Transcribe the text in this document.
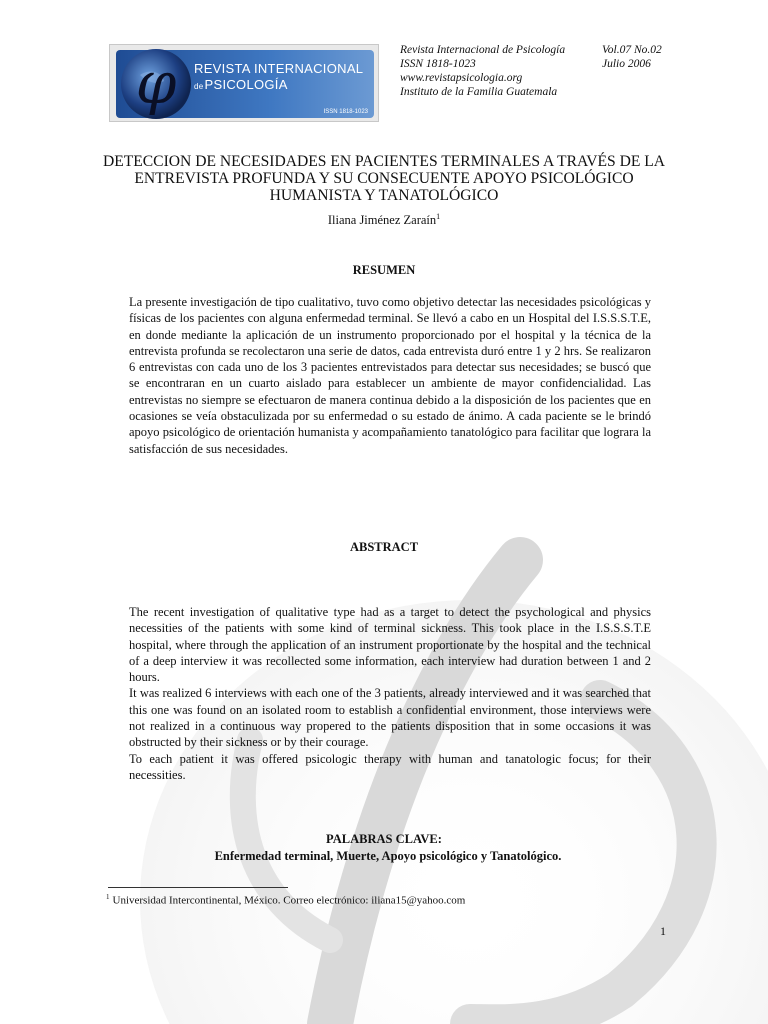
φ REVISTA INTERNACIONAL
dePSICOLOGÍA
ISSN 1818-1023
Revista Internacional de Psicología
ISSN 1818-1023
www.revistapsicologia.org
Instituto de la Familia Guatemala
Vol.07 No.02
Julio 2006
DETECCION DE NECESIDADES EN PACIENTES TERMINALES A TRAVÉS DE LA ENTREVISTA PROFUNDA Y SU CONSECUENTE APOYO PSICOLÓGICO HUMANISTA Y TANATOLÓGICO
Iliana Jiménez Zaraín$^1$
RESUMEN

La presente investigación de tipo cualitativo, tuvo como objetivo detectar las necesidades psicológicas y físicas de los pacientes con alguna enfermedad terminal. Se llevó a cabo en un Hospital del I.S.S.S.T.E, en donde mediante la aplicación de un instrumento proporcionado por el hospital y la técnica de la entrevista profunda se recolectaron una serie de datos, cada entrevista duró entre 1 y 2 hrs. Se realizaron 6 entrevistas con cada uno de los 3 pacientes entrevistados para detectar sus necesidades; se buscó que se encontraran en un cuarto aislado para establecer un ambiente de mayor confidencialidad. Las entrevistas no siempre se efectuaron de manera continua debido a la disposición de los pacientes que en ocasiones se veía obstaculizada por su enfermedad o su estado de ánimo. A cada paciente se le brindó apoyo psicológico de orientación humanista y acompañamiento tanatológico para facilitar que lograra la satisfacción de sus necesidades.

ABSTRACT

The recent investigation of qualitative type had as a target to detect the psychological and physics necessities of the patients with some kind of terminal sickness. This took place in the I.S.S.S.T.E hospital, where through the application of an instrument proportionate by the hospital and the technical of a deep interview it was recollected some information, each interview had duration between 1 and 2 hours.

It was realized 6 interviews with each one of the 3 patients, already interviewed and it was searched that this one was found on an isolated room to establish a confidential environment, those interviews were not realized in a continuous way propered to the patients disposition that in some occasions it was obstructed by their sickness or by their courage.

To each patient it was offered psicologic therapy with human and tanatologic focus; for their necessities.

PALABRAS CLAVE:
Enfermedad terminal, Muerte, Apoyo psicológico y Tanatológico.
$^1$ Universidad Intercontinental, México. Correo electrónico: iliana15@yahoo.com
1
